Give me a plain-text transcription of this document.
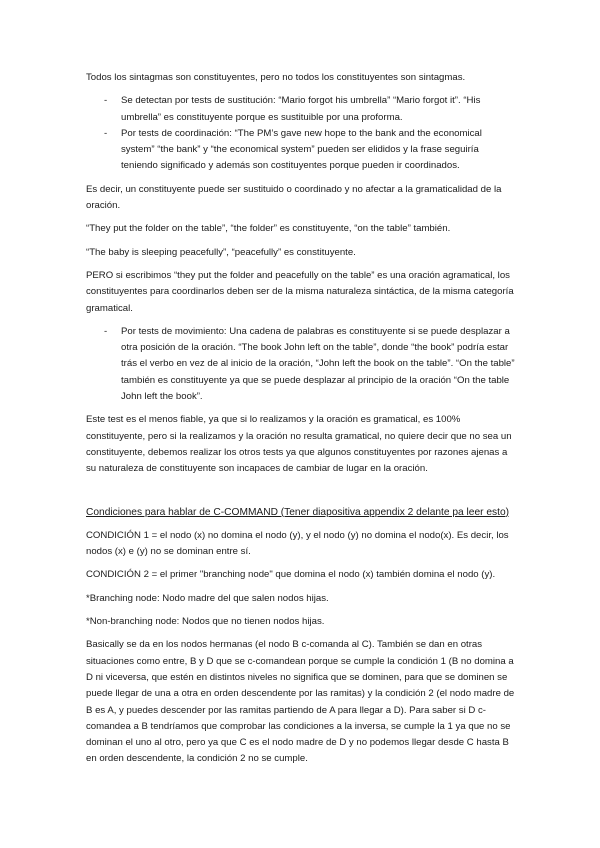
Todos los sintagmas son constituyentes, pero no todos los constituyentes son sintagmas.

- Se detectan por tests de sustitución: “Mario forgot his umbrella” “Mario forgot it”. “His umbrella” es constituyente porque es sustituible por una proforma.
- Por tests de coordinación: “The PM’s gave new hope to the bank and the economical system” “the bank” y “the economical system” pueden ser elididos y la frase seguiría teniendo significado y además son costituyentes porque pueden ir coordinados.

Es decir, un constituyente puede ser sustituido o coordinado y no afectar a la gramaticalidad de la oración.

“They put the folder on the table”, “the folder” es constituyente, “on the table” también.

“The baby is sleeping peacefully”, “peacefully” es constituyente.

PERO si escribimos “they put the folder and peacefully on the table” es una oración agramatical, los constituyentes para coordinarlos deben ser de la misma naturaleza sintáctica, de la misma categoría gramatical.

- Por tests de movimiento: Una cadena de palabras es constituyente si se puede desplazar a otra posición de la oración. “The book John left on the table”, donde “the book” podría estar trás el verbo en vez de al inicio de la oración, “John left the book on the table”. “On the table” también es constituyente ya que se puede desplazar al principio de la oración “On the table John left the book”.

Este test es el menos fiable, ya que si lo realizamos y la oración es gramatical, es 100% constituyente, pero si la realizamos y la oración no resulta gramatical, no quiere decir que no sea un constituyente, debemos realizar los otros tests ya que algunos constituyentes por razones ajenas a su naturaleza de constituyente son incapaces de cambiar de lugar en la oración.

Condiciones para hablar de C-COMMAND (Tener diapositiva appendix 2 delante pa leer esto)

CONDICIÓN 1 = el nodo (x) no domina el nodo (y), y el nodo (y) no domina el nodo(x). Es decir, los nodos (x) e (y) no se dominan entre sí.

CONDICIÓN 2 = el primer "branching node" que domina el nodo (x) también domina el nodo (y).

*Branching node: Nodo madre del que salen nodos hijas.

*Non-branching node: Nodos que no tienen nodos hijas.

Basically se da en los nodos hermanas (el nodo B c-comanda al C). También se dan en otras situaciones como entre, B y D que se c-comandean porque se cumple la condición 1 (B no domina a D ni viceversa, que estén en distintos niveles no significa que se dominen, para que se dominen se puede llegar de una a otra en orden descendente por las ramitas) y la condición 2 (el nodo madre de B es A, y puedes descender por las ramitas partiendo de A para llegar a D). Para saber si D c-comandea a B tendríamos que comprobar las condiciones a la inversa, se cumple la 1 ya que no se dominan el uno al otro, pero ya que C es el nodo madre de D y no podemos llegar desde C hasta B en orden descendente, la condición 2 no se cumple.
